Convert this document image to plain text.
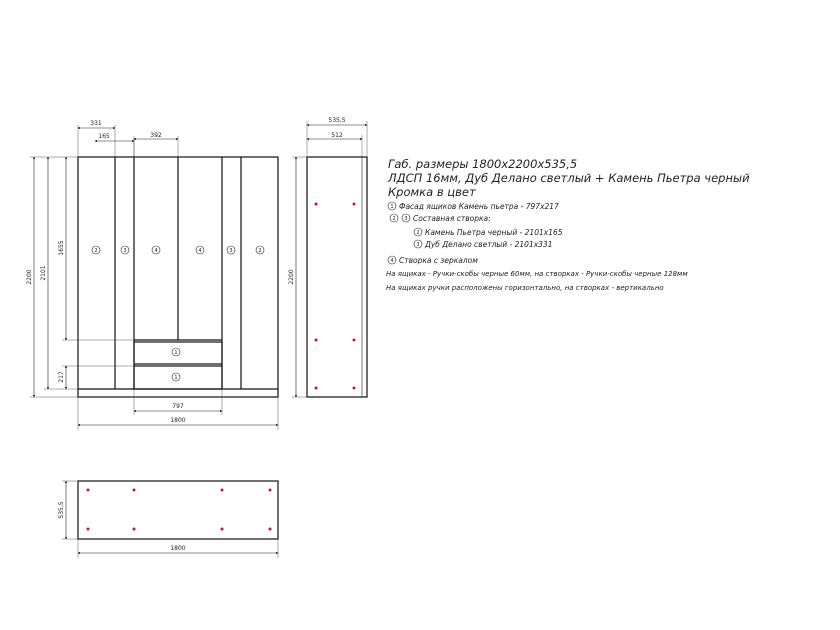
2	3	4	4	3	2
1
1
331
165	392
2200 2101
1655
217
797
1800
535,5
512
2200
535,5
1800
Габ. размеры 1800х2200х535,5
ЛДСП 16мм, Дуб Делано светлый + Камень Пьетра черный
Кромка в цвет
1 Фасад ящиков Камень пьетра - 797х217
2 3 Составная створка:
2 Камень Пьетра черный - 2101х165
3 Дуб Делано светлый - 2101х331
4 Створка с зеркалом
На ящиках - Ручки-скобы черные 60мм, на створках - Ручки-скобы черные 128мм
На ящиках ручки расположены горизонтально, на створках - вертикально
